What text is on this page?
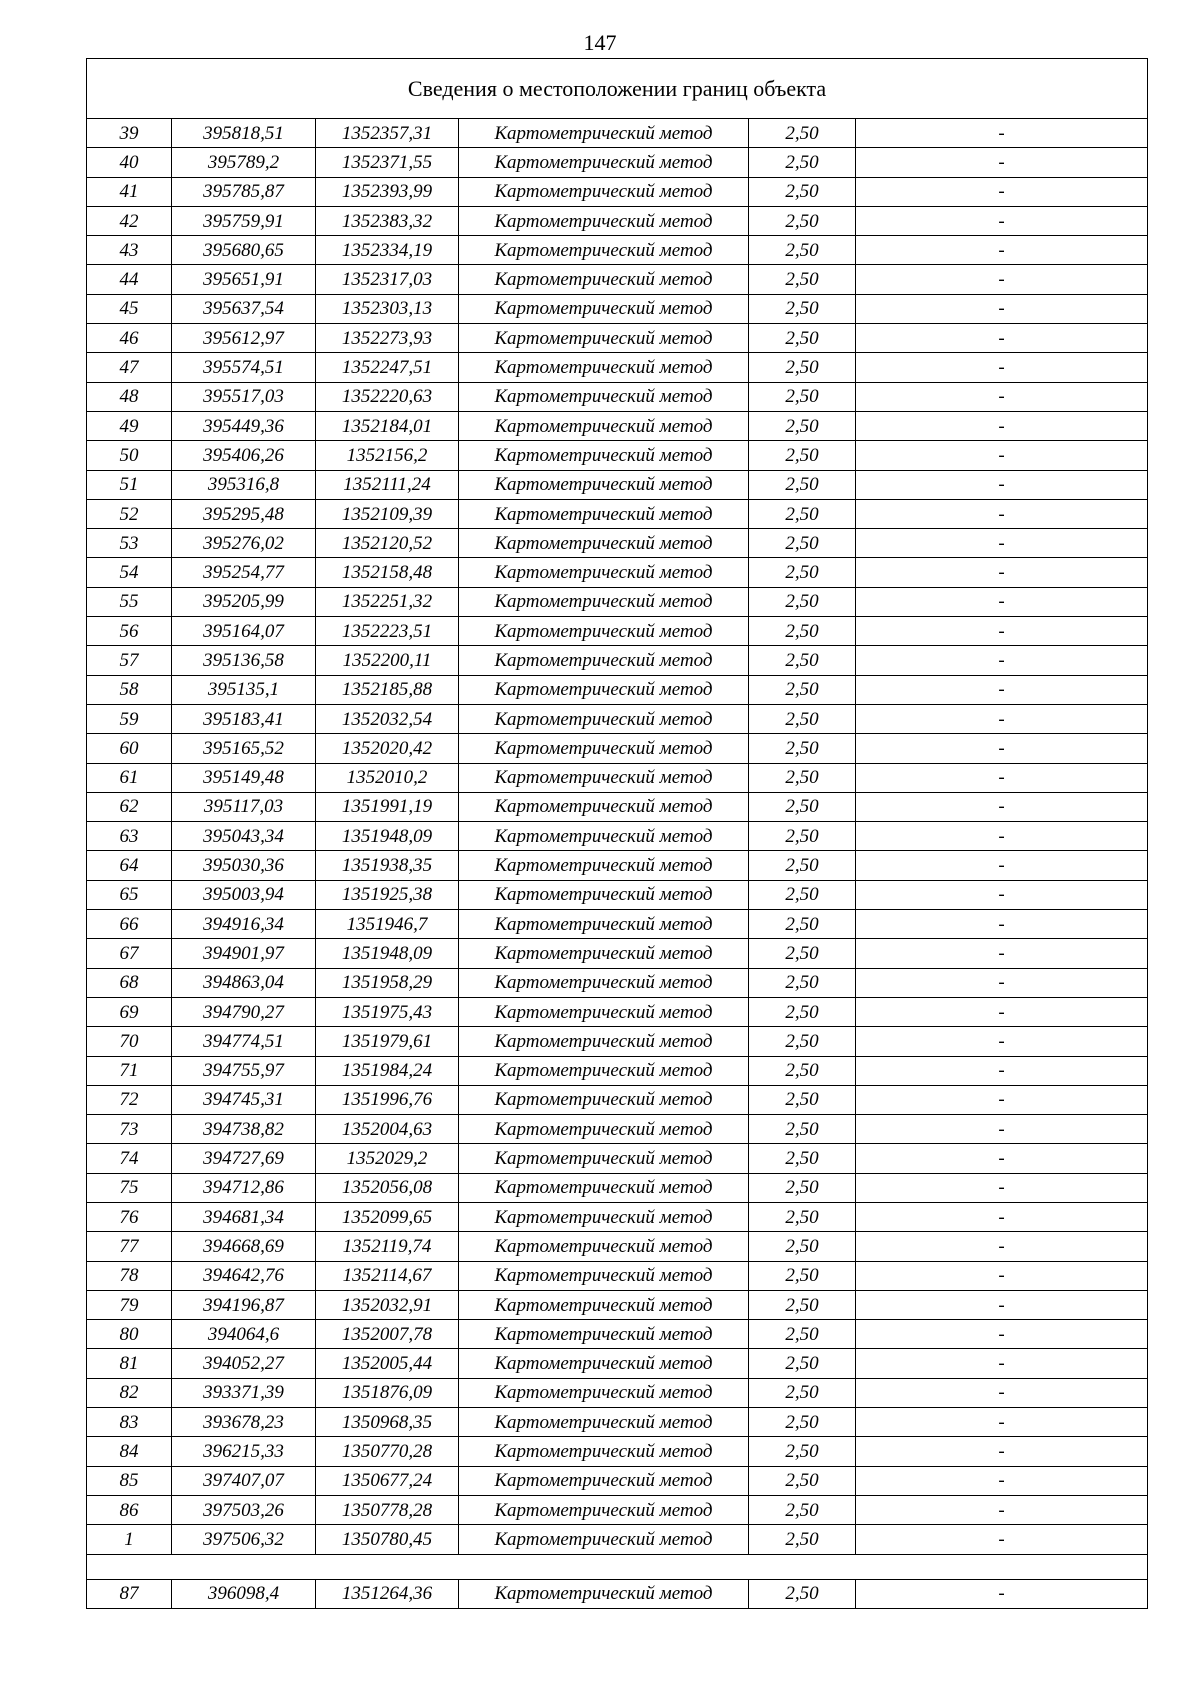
147
Сведения о местоположении границ объекта					
39	395818,51	1352357,31	Картометрический метод	2,50	-
40	395789,2	1352371,55	Картометрический метод	2,50	-
41	395785,87	1352393,99	Картометрический метод	2,50	-
42	395759,91	1352383,32	Картометрический метод	2,50	-
43	395680,65	1352334,19	Картометрический метод	2,50	-
44	395651,91	1352317,03	Картометрический метод	2,50	-
45	395637,54	1352303,13	Картометрический метод	2,50	-
46	395612,97	1352273,93	Картометрический метод	2,50	-
47	395574,51	1352247,51	Картометрический метод	2,50	-
48	395517,03	1352220,63	Картометрический метод	2,50	-
49	395449,36	1352184,01	Картометрический метод	2,50	-
50	395406,26	1352156,2	Картометрический метод	2,50	-
51	395316,8	1352111,24	Картометрический метод	2,50	-
52	395295,48	1352109,39	Картометрический метод	2,50	-
53	395276,02	1352120,52	Картометрический метод	2,50	-
54	395254,77	1352158,48	Картометрический метод	2,50	-
55	395205,99	1352251,32	Картометрический метод	2,50	-
56	395164,07	1352223,51	Картометрический метод	2,50	-
57	395136,58	1352200,11	Картометрический метод	2,50	-
58	395135,1	1352185,88	Картометрический метод	2,50	-
59	395183,41	1352032,54	Картометрический метод	2,50	-
60	395165,52	1352020,42	Картометрический метод	2,50	-
61	395149,48	1352010,2	Картометрический метод	2,50	-
62	395117,03	1351991,19	Картометрический метод	2,50	-
63	395043,34	1351948,09	Картометрический метод	2,50	-
64	395030,36	1351938,35	Картометрический метод	2,50	-
65	395003,94	1351925,38	Картометрический метод	2,50	-
66	394916,34	1351946,7	Картометрический метод	2,50	-
67	394901,97	1351948,09	Картометрический метод	2,50	-
68	394863,04	1351958,29	Картометрический метод	2,50	-
69	394790,27	1351975,43	Картометрический метод	2,50	-
70	394774,51	1351979,61	Картометрический метод	2,50	-
71	394755,97	1351984,24	Картометрический метод	2,50	-
72	394745,31	1351996,76	Картометрический метод	2,50	-
73	394738,82	1352004,63	Картометрический метод	2,50	-
74	394727,69	1352029,2	Картометрический метод	2,50	-
75	394712,86	1352056,08	Картометрический метод	2,50	-
76	394681,34	1352099,65	Картометрический метод	2,50	-
77	394668,69	1352119,74	Картометрический метод	2,50	-
78	394642,76	1352114,67	Картометрический метод	2,50	-
79	394196,87	1352032,91	Картометрический метод	2,50	-
80	394064,6	1352007,78	Картометрический метод	2,50	-
81	394052,27	1352005,44	Картометрический метод	2,50	-
82	393371,39	1351876,09	Картометрический метод	2,50	-
83	393678,23	1350968,35	Картометрический метод	2,50	-
84	396215,33	1350770,28	Картометрический метод	2,50	-
85	397407,07	1350677,24	Картометрический метод	2,50	-
86	397503,26	1350778,28	Картометрический метод	2,50	-
1	397506,32	1350780,45	Картометрический метод	2,50	-

87	396098,4	1351264,36	Картометрический метод	2,50	-
